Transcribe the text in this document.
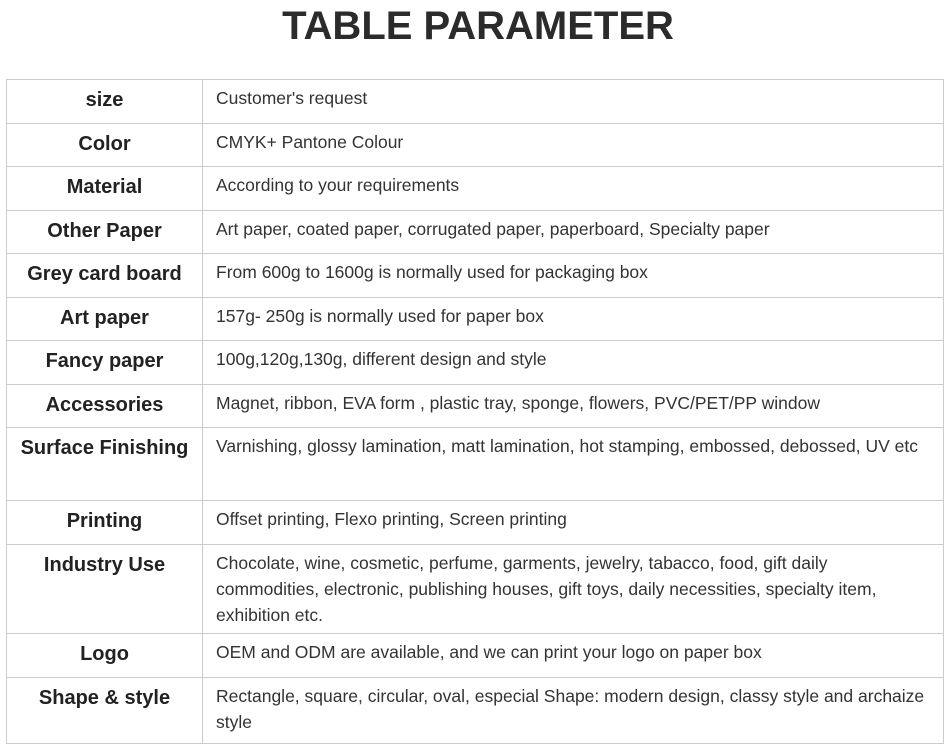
TABLE PARAMETER
size	Customer's request
Color	CMYK+ Pantone Colour
Material	According to your requirements
Other Paper	Art paper, coated paper, corrugated paper, paperboard, Specialty paper
Grey card board	From 600g to 1600g is normally used for packaging box
Art paper	157g- 250g is normally used for paper box
Fancy paper	100g,120g,130g, different design and style
Accessories	Magnet, ribbon, EVA form , plastic tray, sponge, flowers, PVC/PET/PP window
Surface Finishing	Varnishing, glossy lamination, matt lamination, hot stamping, embossed, debossed, UV etc
Printing	Offset printing, Flexo printing, Screen printing
Industry Use	Chocolate, wine, cosmetic, perfume, garments, jewelry, tabacco, food, gift daily commodities, electronic, publishing houses, gift toys, daily necessities, specialty item, exhibition etc.
Logo	OEM and ODM are available, and we can print your logo on paper box
Shape & style	Rectangle, square, circular, oval, especial Shape: modern design, classy style and archaize style
